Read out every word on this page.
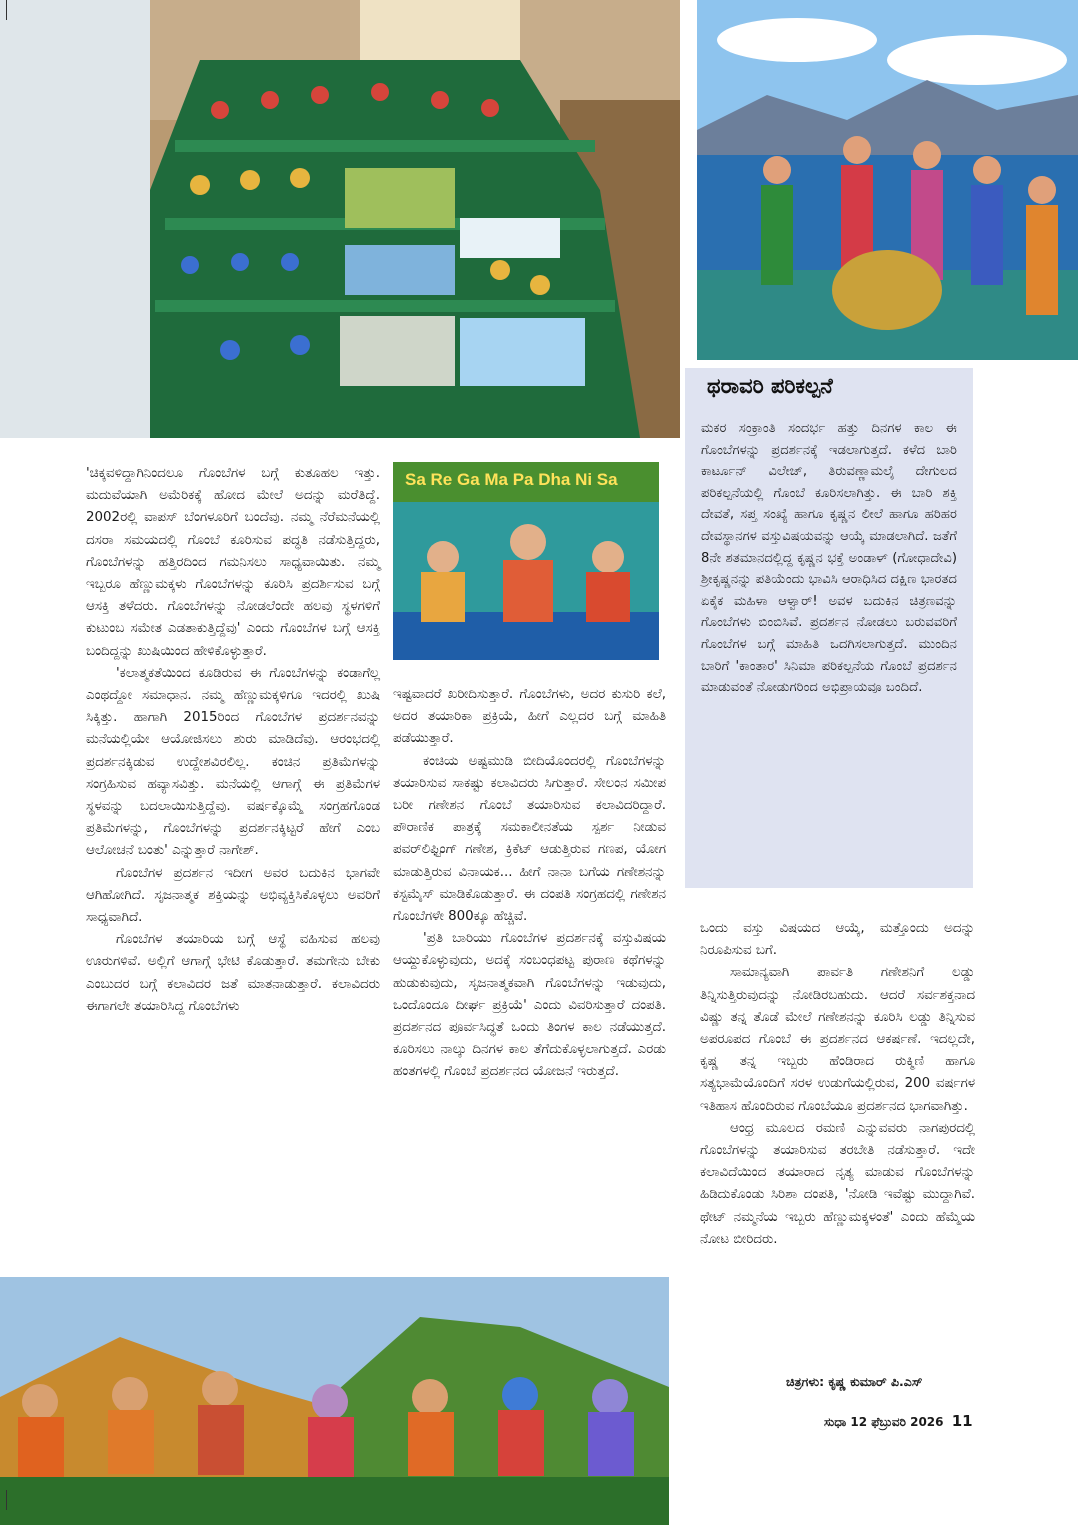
ಥರಾವರಿ ಪರಿಕಲ್ಪನೆ
ಮಕರ ಸಂಕ್ರಾಂತಿ ಸಂದರ್ಭ ಹತ್ತು ದಿನಗಳ ಕಾಲ ಈ ಗೊಂಬೆಗಳನ್ನು ಪ್ರದರ್ಶನಕ್ಕೆ ಇಡಲಾಗುತ್ತದೆ. ಕಳೆದ ಬಾರಿ ಕಾರ್ಟೂನ್ ವಿಲೇಜ್, ತಿರುವಣ್ಣಾಮಲೈ ದೇಗುಲದ ಪರಿಕಲ್ಪನೆಯಲ್ಲಿ ಗೊಂಬೆ ಕೂರಿಸಲಾಗಿತ್ತು. ಈ ಬಾರಿ ಶಕ್ತಿ ದೇವತೆ, ಸಪ್ತ ಸಂಖ್ಯೆ ಹಾಗೂ ಕೃಷ್ಣನ ಲೀಲೆ ಹಾಗೂ ಹರಿಹರ ದೇವಸ್ಥಾನಗಳ ವಸ್ತುವಿಷಯವನ್ನು ಆಯ್ಕೆ ಮಾಡಲಾಗಿದೆ. ಜತೆಗೆ 8ನೇ ಶತಮಾನದಲ್ಲಿದ್ದ ಕೃಷ್ಣನ ಭಕ್ತೆ ಅಂಡಾಳ್ (ಗೋಧಾದೇವಿ) ಶ್ರೀಕೃಷ್ಣನನ್ನು ಪತಿಯೆಂದು ಭಾವಿಸಿ ಆರಾಧಿಸಿದ ದಕ್ಷಿಣ ಭಾರತದ ಏಕೈಕ ಮಹಿಳಾ ಆಳ್ವಾರ್! ಅವಳ ಬದುಕಿನ ಚಿತ್ರಣವನ್ನು ಗೊಂಬೆಗಳು ಬಿಂಬಿಸಿವೆ. ಪ್ರದರ್ಶನ ನೋಡಲು ಬರುವವರಿಗೆ ಗೊಂಬೆಗಳ ಬಗ್ಗೆ ಮಾಹಿತಿ ಒದಗಿಸಲಾಗುತ್ತದೆ. ಮುಂದಿನ ಬಾರಿಗೆ 'ಕಾಂತಾರ' ಸಿನಿಮಾ ಪರಿಕಲ್ಪನೆಯ ಗೊಂಬೆ ಪ್ರದರ್ಶನ ಮಾಡುವಂತೆ ನೋಡುಗರಿಂದ ಅಭಿಪ್ರಾಯವೂ ಬಂದಿದೆ.
Sa Re Ga Ma Pa Dha Ni Sa

'ಚಿಕ್ಕವಳಿದ್ದಾಗಿನಿಂದಲೂ ಗೊಂಬೆಗಳ ಬಗ್ಗೆ ಕುತೂಹಲ ಇತ್ತು. ಮದುವೆಯಾಗಿ ಅಮೆರಿಕಕ್ಕೆ ಹೋದ ಮೇಲೆ ಅದನ್ನು ಮರೆತಿದ್ದೆ. 2002ರಲ್ಲಿ ವಾಪಸ್ ಬೆಂಗಳೂರಿಗೆ ಬಂದೆವು. ನಮ್ಮ ನೆರೆಮನೆಯಲ್ಲಿ ದಸರಾ ಸಮಯದಲ್ಲಿ ಗೊಂಬೆ ಕೂರಿಸುವ ಪದ್ಧತಿ ನಡೆಸುತ್ತಿದ್ದರು, ಗೊಂಬೆಗಳನ್ನು ಹತ್ತಿರದಿಂದ ಗಮನಿಸಲು ಸಾಧ್ಯವಾಯಿತು. ನಮ್ಮ ಇಬ್ಬರೂ ಹೆಣ್ಣುಮಕ್ಕಳು ಗೊಂಬೆಗಳನ್ನು ಕೂರಿಸಿ ಪ್ರದರ್ಶಿಸುವ ಬಗ್ಗೆ ಆಸಕ್ತಿ ತಳೆದರು. ಗೊಂಬೆಗಳನ್ನು ನೋಡಲೆಂದೇ ಹಲವು ಸ್ಥಳಗಳಿಗೆ ಕುಟುಂಬ ಸಮೇತ ಎಡತಾಕುತ್ತಿದ್ದೆವು' ಎಂದು ಗೊಂಬೆಗಳ ಬಗ್ಗೆ ಆಸಕ್ತಿ ಬಂದಿದ್ದನ್ನು ಖುಷಿಯಿಂದ ಹೇಳಿಕೊಳ್ಳುತ್ತಾರೆ.

'ಕಲಾತ್ಮಕತೆಯಿಂದ ಕೂಡಿರುವ ಈ ಗೊಂಬೆಗಳನ್ನು ಕಂಡಾಗೆಲ್ಲ ಎಂಥದ್ದೋ ಸಮಾಧಾನ. ನಮ್ಮ ಹೆಣ್ಣುಮಕ್ಕಳಿಗೂ ಇದರಲ್ಲಿ ಖುಷಿ ಸಿಕ್ಕಿತ್ತು. ಹಾಗಾಗಿ 2015ರಿಂದ ಗೊಂಬೆಗಳ ಪ್ರದರ್ಶನವನ್ನು ಮನೆಯಲ್ಲಿಯೇ ಆಯೋಜಿಸಲು ಶುರು ಮಾಡಿದೆವು. ಆರಂಭದಲ್ಲಿ ಪ್ರದರ್ಶನಕ್ಕಿಡುವ ಉದ್ದೇಶವಿರಲಿಲ್ಲ. ಕಂಚಿನ ಪ್ರತಿಮೆಗಳನ್ನು ಸಂಗ್ರಹಿಸುವ ಹವ್ಯಾಸವಿತ್ತು. ಮನೆಯಲ್ಲಿ ಆಗಾಗ್ಗೆ ಈ ಪ್ರತಿಮೆಗಳ ಸ್ಥಳವನ್ನು ಬದಲಾಯಿಸುತ್ತಿದ್ದೆವು. ವರ್ಷಕ್ಕೊಮ್ಮೆ ಸಂಗ್ರಹಗೊಂಡ ಪ್ರತಿಮೆಗಳನ್ನು, ಗೊಂಬೆಗಳನ್ನು ಪ್ರದರ್ಶನಕ್ಕಿಟ್ಟರೆ ಹೇಗೆ ಎಂಬ ಆಲೋಚನೆ ಬಂತು' ಎನ್ನುತ್ತಾರೆ ನಾಗೇಶ್.

ಗೊಂಬೆಗಳ ಪ್ರದರ್ಶನ ಇದೀಗ ಅವರ ಬದುಕಿನ ಭಾಗವೇ ಆಗಿಹೋಗಿದೆ. ಸೃಜನಾತ್ಮಕ ಶಕ್ತಿಯನ್ನು ಅಭಿವ್ಯಕ್ತಿಸಿಕೊಳ್ಳಲು ಅವರಿಗೆ ಸಾಧ್ಯವಾಗಿದೆ.

ಗೊಂಬೆಗಳ ತಯಾರಿಯ ಬಗ್ಗೆ ಆಸ್ಥೆ ವಹಿಸುವ ಹಲವು ಊರುಗಳಿವೆ. ಅಲ್ಲಿಗೆ ಆಗಾಗ್ಗೆ ಭೇಟಿ ಕೊಡುತ್ತಾರೆ. ತಮಗೇನು ಬೇಕು ಎಂಬುದರ ಬಗ್ಗೆ ಕಲಾವಿದರ ಜತೆ ಮಾತನಾಡುತ್ತಾರೆ. ಕಲಾವಿದರು ಈಗಾಗಲೇ ತಯಾರಿಸಿದ್ದ ಗೊಂಬೆಗಳು

ಇಷ್ಟವಾದರೆ ಖರೀದಿಸುತ್ತಾರೆ. ಗೊಂಬೆಗಳು, ಅದರ ಕುಸುರಿ ಕಲೆ, ಅದರ ತಯಾರಿಕಾ ಪ್ರಕ್ರಿಯೆ, ಹೀಗೆ ಎಲ್ಲದರ ಬಗ್ಗೆ ಮಾಹಿತಿ ಪಡೆಯುತ್ತಾರೆ.

ಕಂಚಿಯ ಅಷ್ಟಮುಡಿ ಬೀದಿಯೊಂದರಲ್ಲಿ ಗೊಂಬೆಗಳನ್ನು ತಯಾರಿಸುವ ಸಾಕಷ್ಟು ಕಲಾವಿದರು ಸಿಗುತ್ತಾರೆ. ಸೇಲಂನ ಸಮೀಪ ಬರೀ ಗಣೇಶನ ಗೊಂಬೆ ತಯಾರಿಸುವ ಕಲಾವಿದರಿದ್ದಾರೆ. ಪೌರಾಣಿಕ ಪಾತ್ರಕ್ಕೆ ಸಮಕಾಲೀನತೆಯ ಸ್ಪರ್ಶ ನೀಡುವ ಪವರ್‌ಲಿಫ್ಟಿಂಗ್ ಗಣೇಶ, ಕ್ರಿಕೆಟ್ ಆಡುತ್ತಿರುವ ಗಣಪ, ಯೋಗ ಮಾಡುತ್ತಿರುವ ವಿನಾಯಕ... ಹೀಗೆ ನಾನಾ ಬಗೆಯ ಗಣೇಶನನ್ನು ಕಸ್ಟಮೈಸ್ ಮಾಡಿಕೊಡುತ್ತಾರೆ. ಈ ದಂಪತಿ ಸಂಗ್ರಹದಲ್ಲಿ ಗಣೇಶನ ಗೊಂಬೆಗಳೇ 800ಕ್ಕೂ ಹೆಚ್ಚಿವೆ.

'ಪ್ರತಿ ಬಾರಿಯು ಗೊಂಬೆಗಳ ಪ್ರದರ್ಶನಕ್ಕೆ ವಸ್ತುವಿಷಯ ಆಯ್ದುಕೊಳ್ಳುವುದು, ಅದಕ್ಕೆ ಸಂಬಂಧಪಟ್ಟ ಪುರಾಣ ಕಥೆಗಳನ್ನು ಹುಡುಕುವುದು, ಸೃಜನಾತ್ಮಕವಾಗಿ ಗೊಂಬೆಗಳನ್ನು ಇಡುವುದು, ಒಂದೊಂದೂ ದೀರ್ಘ ಪ್ರಕ್ರಿಯೆ' ಎಂದು ವಿವರಿಸುತ್ತಾರೆ ದಂಪತಿ. ಪ್ರದರ್ಶನದ ಪೂರ್ವಸಿದ್ಧತೆ ಒಂದು ತಿಂಗಳ ಕಾಲ ನಡೆಯುತ್ತದೆ. ಕೂರಿಸಲು ನಾಲ್ಕು ದಿನಗಳ ಕಾಲ ತೆಗೆದುಕೊಳ್ಳಲಾಗುತ್ತದೆ. ಎರಡು ಹಂತಗಳಲ್ಲಿ ಗೊಂಬೆ ಪ್ರದರ್ಶನದ ಯೋಜನೆ ಇರುತ್ತದೆ.

ಒಂದು ವಸ್ತು ವಿಷಯದ ಆಯ್ಕೆ, ಮತ್ತೊಂದು ಅದನ್ನು ನಿರೂಪಿಸುವ ಬಗೆ.

ಸಾಮಾನ್ಯವಾಗಿ ಪಾರ್ವತಿ ಗಣೇಶನಿಗೆ ಲಡ್ಡು ತಿನ್ನಿಸುತ್ತಿರುವುದನ್ನು ನೋಡಿರಬಹುದು. ಆದರೆ ಸರ್ವಶಕ್ತನಾದ ವಿಷ್ಣು ತನ್ನ ತೊಡೆ ಮೇಲೆ ಗಣೇಶನನ್ನು ಕೂರಿಸಿ ಲಡ್ಡು ತಿನ್ನಿಸುವ ಅಪರೂಪದ ಗೊಂಬೆ ಈ ಪ್ರದರ್ಶನದ ಆಕರ್ಷಣೆ. ಇದಲ್ಲದೇ, ಕೃಷ್ಣ ತನ್ನ ಇಬ್ಬರು ಹೆಂಡಿರಾದ ರುಕ್ಮಿಣಿ ಹಾಗೂ ಸತ್ಯಭಾಮೆಯೊಂದಿಗೆ ಸರಳ ಉಡುಗೆಯಲ್ಲಿರುವ, 200 ವರ್ಷಗಳ ಇತಿಹಾಸ ಹೊಂದಿರುವ ಗೊಂಬೆಯೂ ಪ್ರದರ್ಶನದ ಭಾಗವಾಗಿತ್ತು.

ಆಂಧ್ರ ಮೂಲದ ರಮಣಿ ಎನ್ನುವವರು ನಾಗಪುರದಲ್ಲಿ ಗೊಂಬೆಗಳನ್ನು ತಯಾರಿಸುವ ತರಬೇತಿ ನಡೆಸುತ್ತಾರೆ. ಇದೇ ಕಲಾವಿದೆಯಿಂದ ತಯಾರಾದ ನೃತ್ಯ ಮಾಡುವ ಗೊಂಬೆಗಳನ್ನು ಹಿಡಿದುಕೊಂಡು ಸಿರಿಶಾ ದಂಪತಿ, 'ನೋಡಿ ಇವೆಷ್ಟು ಮುದ್ದಾಗಿವೆ. ಥೇಟ್ ನಮ್ಮನೆಯ ಇಬ್ಬರು ಹೆಣ್ಣುಮಕ್ಕಳಂತೆ' ಎಂದು ಹೆಮ್ಮೆಯ ನೋಟ ಬೀರಿದರು.

ಚಿತ್ರಗಳು: ಕೃಷ್ಣ ಕುಮಾರ್ ಪಿ.ಎಸ್
ಸುಧಾ 12 ಫೆಬ್ರುವರಿ 2026 11
